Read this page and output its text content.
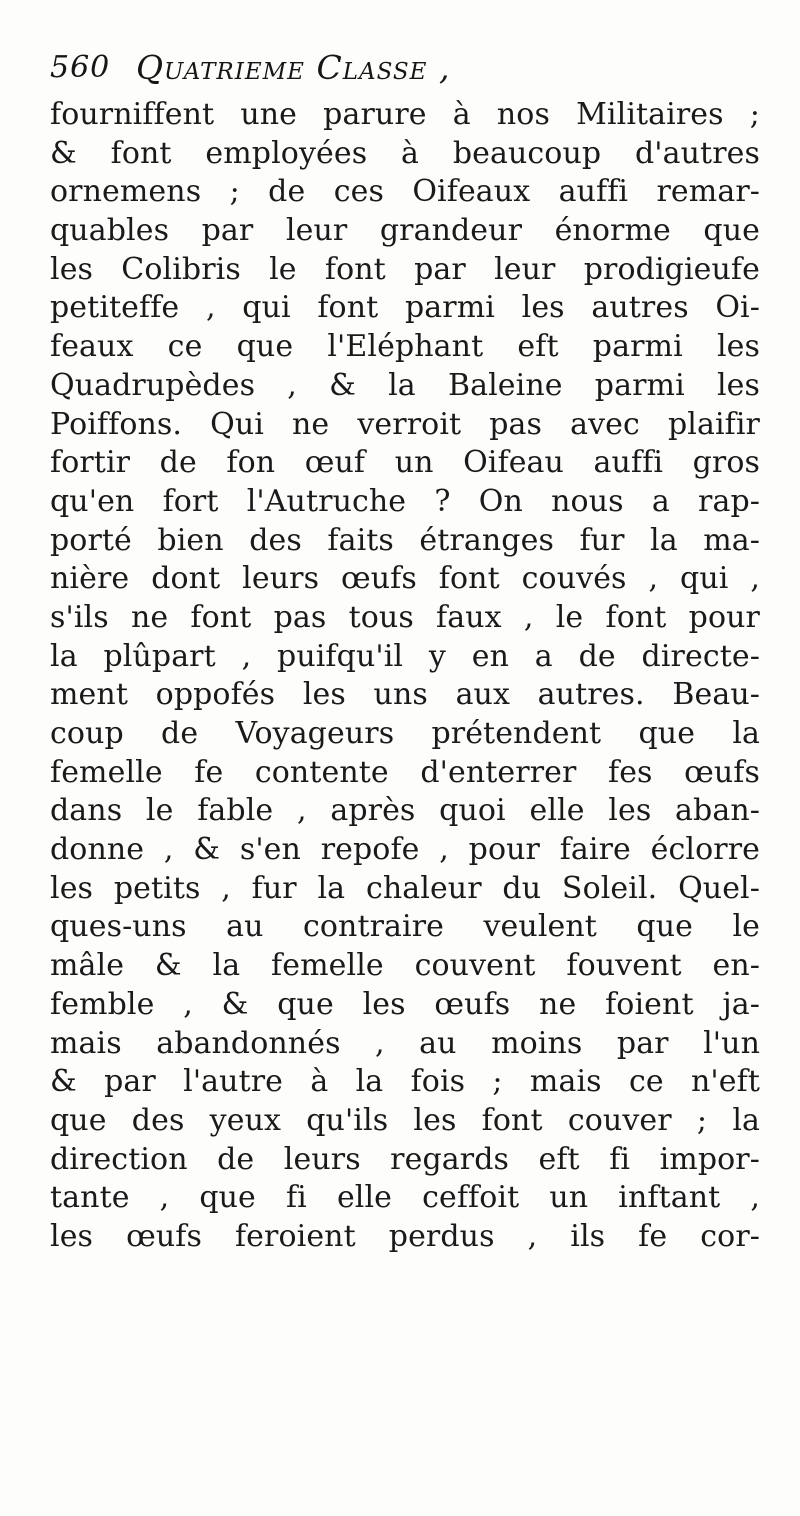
560 Quatrieme Classe ,
fourniffent une parure à nos Militaires ;
& font employées à beaucoup d'autres
ornemens ; de ces Oifeaux auffi remar-
quables par leur grandeur énorme que
les Colibris le font par leur prodigieufe
petiteffe , qui font parmi les autres Oi-
feaux ce que l'Eléphant eft parmi les
Quadrupèdes , & la Baleine parmi les
Poiffons. Qui ne verroit pas avec plaifir
fortir de fon œuf un Oifeau auffi gros
qu'en fort l'Autruche ? On nous a rap-
porté bien des faits étranges fur la ma-
nière dont leurs œufs font couvés , qui ,
s'ils ne font pas tous faux , le font pour
la plûpart , puifqu'il y en a de directe-
ment oppofés les uns aux autres. Beau-
coup de Voyageurs prétendent que la
femelle fe contente d'enterrer fes œufs
dans le fable , après quoi elle les aban-
donne , & s'en repofe , pour faire éclorre
les petits , fur la chaleur du Soleil. Quel-
ques-uns au contraire veulent que le
mâle & la femelle couvent fouvent en-
femble , & que les œufs ne foient ja-
mais abandonnés , au moins par l'un
& par l'autre à la fois ; mais ce n'eft
que des yeux qu'ils les font couver ; la
direction de leurs regards eft fi impor-
tante , que fi elle ceffoit un inftant ,
les œufs feroient perdus , ils fe cor-
